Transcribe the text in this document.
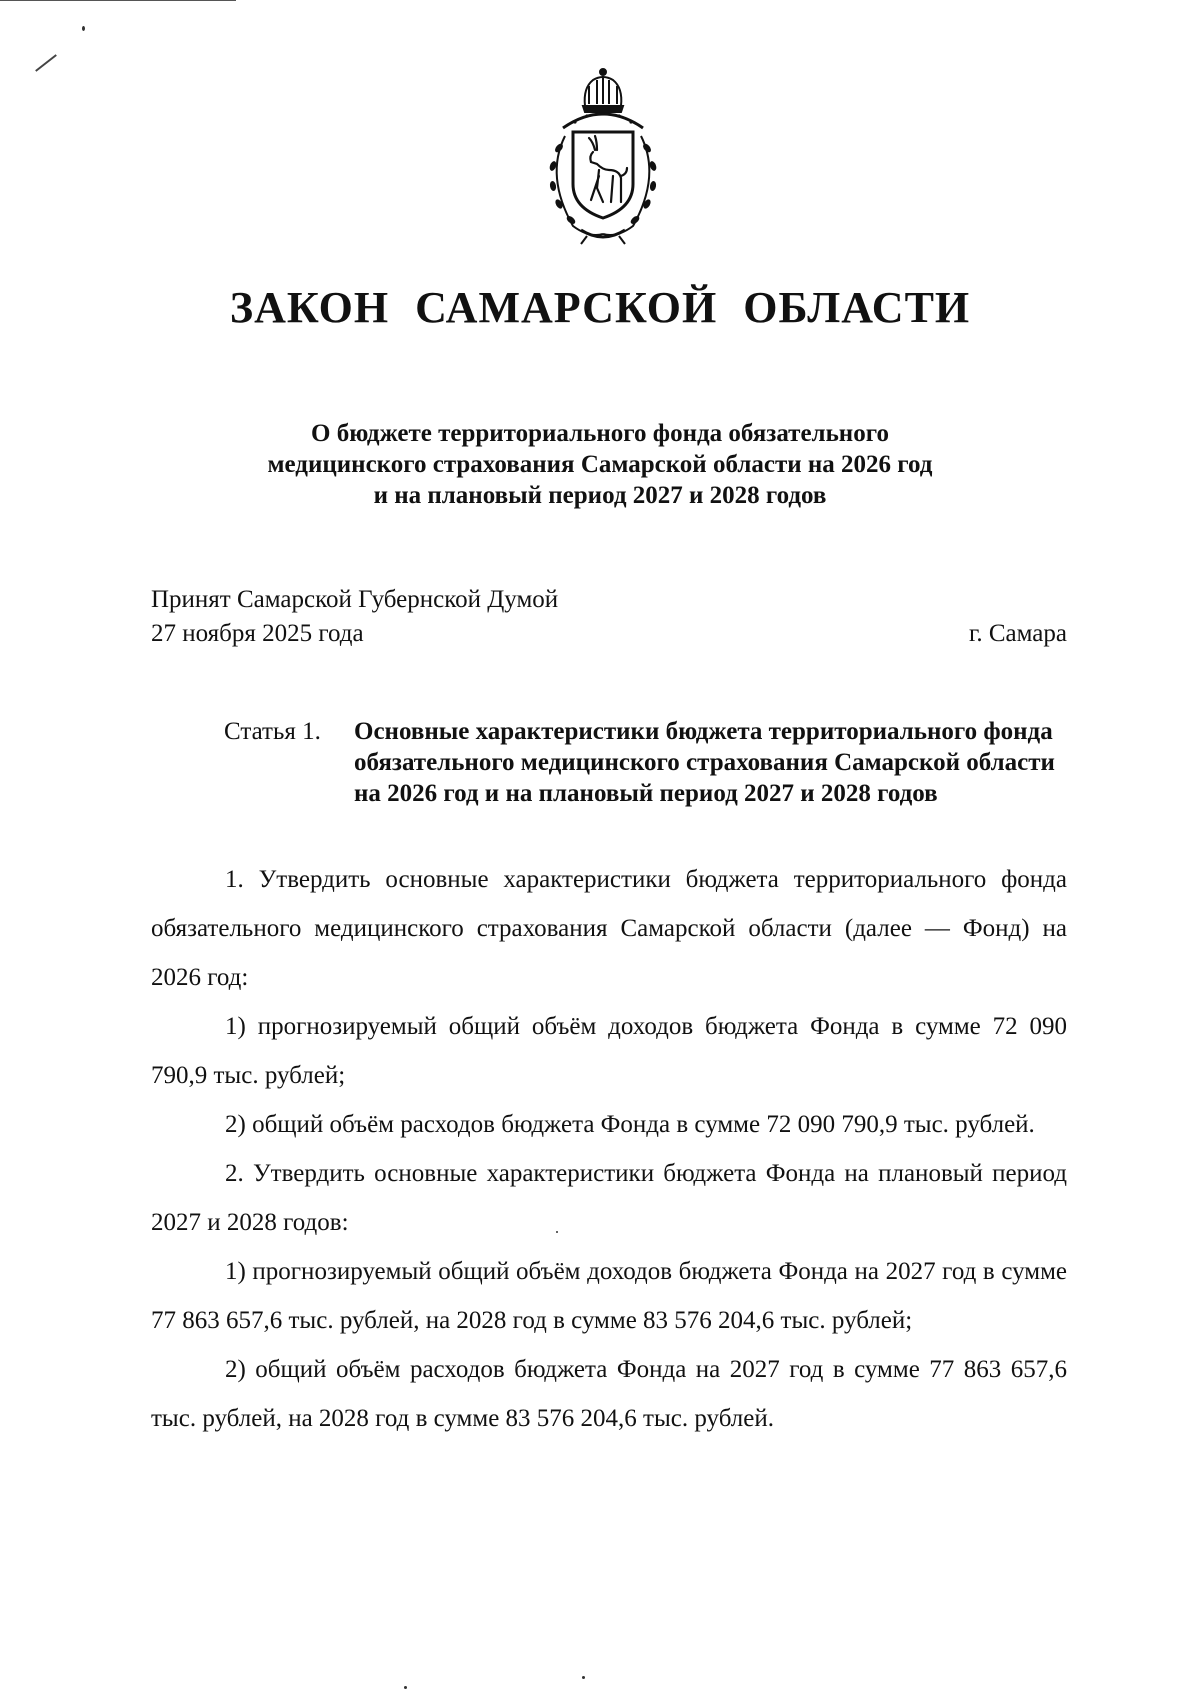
ЗАКОН САМАРСКОЙ ОБЛАСТИ
О бюджете территориального фонда обязательного
медицинского страхования Самарской области на 2026 год
и на плановый период 2027 и 2028 годов
Принят Самарской Губернской Думой
27 ноября 2025 года	г. Самара
Статья 1.	Основные характеристики бюджета территориального фонда обязательного медицинского страхования Самарской области на 2026 год и на плановый период 2027 и 2028 годов

1. Утвердить основные характеристики бюджета территориального фонда обязательного медицинского страхования Самарской области (далее — Фонд) на 2026 год:

1) прогнозируемый общий объём доходов бюджета Фонда в сумме 72 090 790,9 тыс. рублей;

2) общий объём расходов бюджета Фонда в сумме 72 090 790,9 тыс. рублей.

2. Утвердить основные характеристики бюджета Фонда на плановый период 2027 и 2028 годов:

1) прогнозируемый общий объём доходов бюджета Фонда на 2027 год в сумме 77 863 657,6 тыс. рублей, на 2028 год в сумме 83 576 204,6 тыс. рублей;

2) общий объём расходов бюджета Фонда на 2027 год в сумме 77 863 657,6 тыс. рублей, на 2028 год в сумме 83 576 204,6 тыс. рублей.
